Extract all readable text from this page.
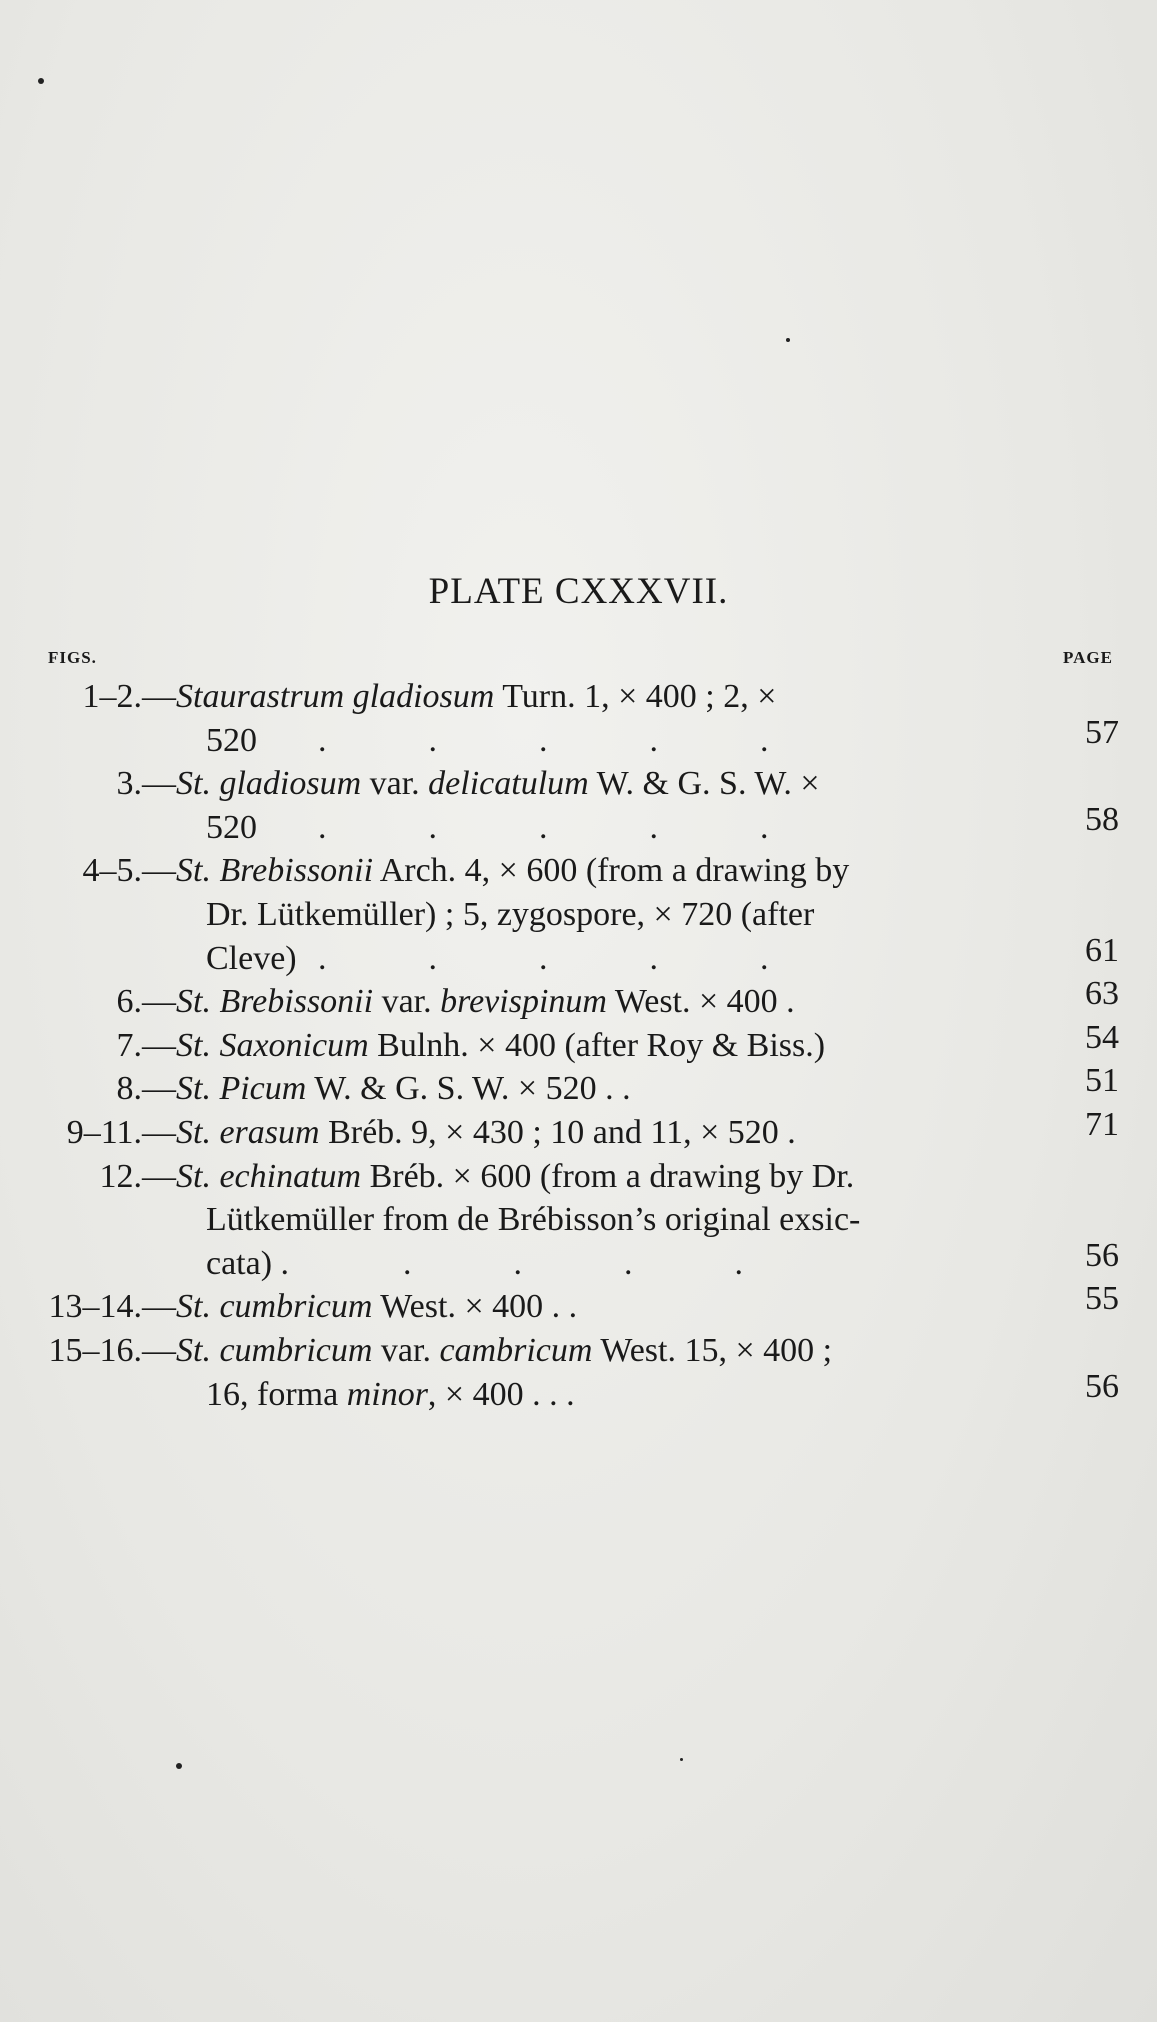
PLATE CXXXVII.
FIGS.	PAGE
1–2.— Staurastrum gladiosum Turn. 1, × 400 ; 2, ×
520 .            .            .            .            .	57
3.— St. gladiosum var. delicatulum W. & G. S. W. ×
520 .            .            .            .            .	58
4–5.— St. Brebissonii Arch. 4, × 600 (from a drawing by
Dr. Lütkemüller) ; 5, zygospore, × 720 (after
Cleve) .            .            .            .            .	61
6.— St. Brebissonii var. brevispinum West. × 400 .	63
7.— St. Saxonicum Bulnh. × 400 (after Roy & Biss.)	54
8.— St. Picum W. & G. S. W. × 520 . .	51
9–11.— St. erasum Bréb. 9, × 430 ; 10 and 11, × 520 .	71
12.— St. echinatum Bréb. × 600 (from a drawing by Dr.
Lütkemüller from de Brébisson’s original exsic-
cata) . .            .            .            .	56
13–14.— St. cumbricum West. × 400 . .	55
15–16.— St. cumbricum var. cambricum West. 15, × 400 ;
16, forma minor, × 400 . . .	56
